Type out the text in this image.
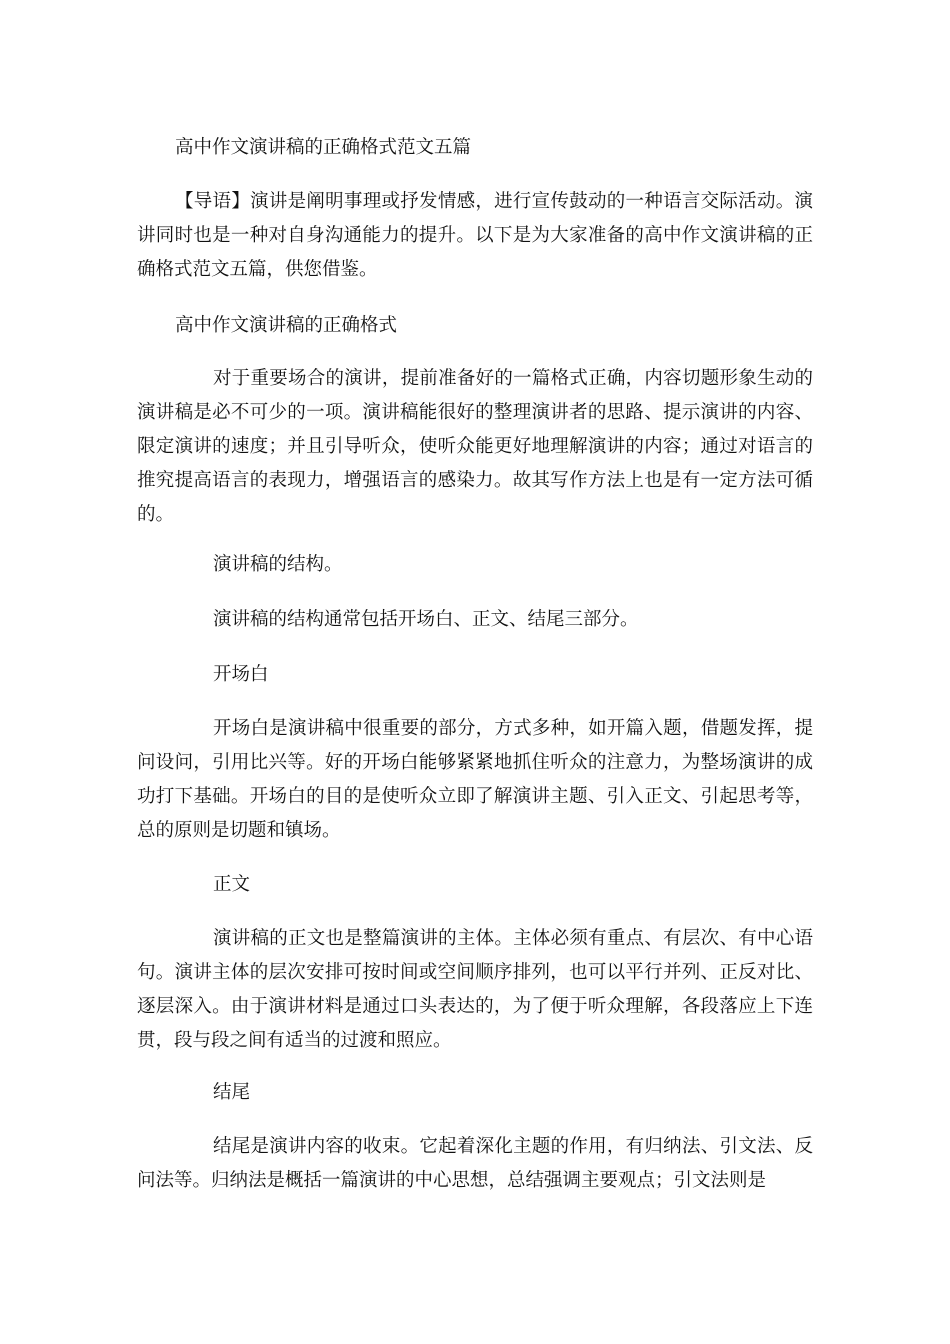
高中作文演讲稿的正确格式范文五篇

【导语】演讲是阐明事理或抒发情感，进行宣传鼓动的一种语言交际活动。演讲同时也是一种对自身沟通能力的提升。以下是为大家准备的高中作文演讲稿的正确格式范文五篇，供您借鉴。

高中作文演讲稿的正确格式

对于重要场合的演讲，提前准备好的一篇格式正确，内容切题形象生动的演讲稿是必不可少的一项。演讲稿能很好的整理演讲者的思路、提示演讲的内容、限定演讲的速度；并且引导听众，使听众能更好地理解演讲的内容；通过对语言的推究提高语言的表现力，增强语言的感染力。故其写作方法上也是有一定方法可循的。

演讲稿的结构。

演讲稿的结构通常包括开场白、正文、结尾三部分。

开场白

开场白是演讲稿中很重要的部分，方式多种，如开篇入题，借题发挥，提问设问，引用比兴等。好的开场白能够紧紧地抓住听众的注意力，为整场演讲的成功打下基础。开场白的目的是使听众立即了解演讲主题、引入正文、引起思考等，总的原则是切题和镇场。

正文

演讲稿的正文也是整篇演讲的主体。主体必须有重点、有层次、有中心语句。演讲主体的层次安排可按时间或空间顺序排列，也可以平行并列、正反对比、逐层深入。由于演讲材料是通过口头表达的，为了便于听众理解，各段落应上下连贯，段与段之间有适当的过渡和照应。

结尾

结尾是演讲内容的收束。它起着深化主题的作用，有归纳法、引文法、反问法等。归纳法是概括一篇演讲的中心思想，总结强调主要观点；引文法则是
